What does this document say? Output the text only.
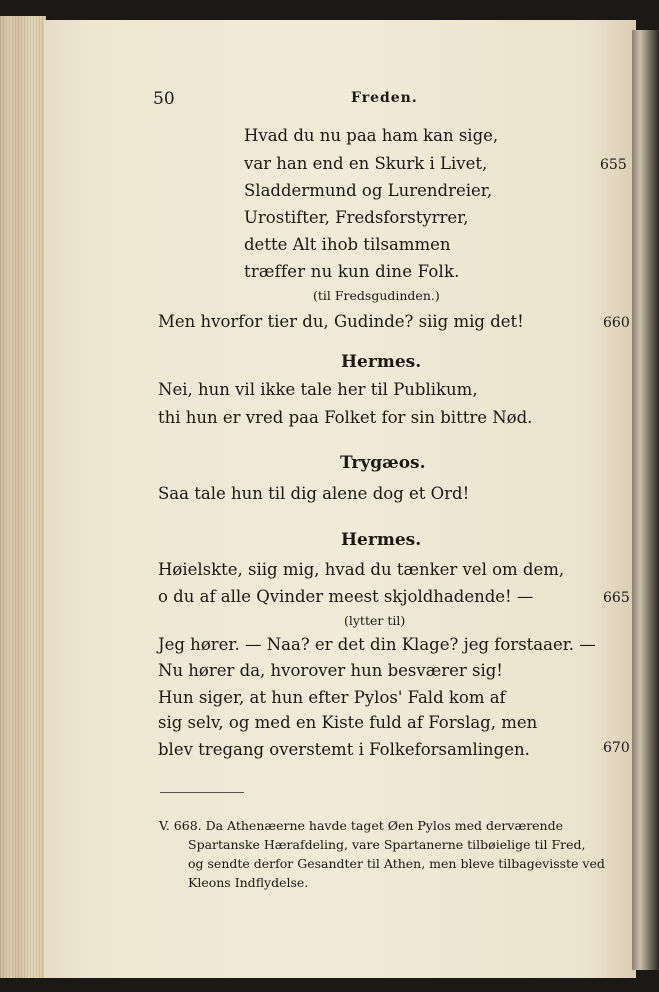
50	Freden.
Hvad du nu paa ham kan sige,
var han end en Skurk i Livet,	655
Sladdermund og Lurendreier,
Urostifter, Fredsforstyrrer,
dette Alt ihob tilsammen
træffer nu kun dine Folk.
(til Fredsgudinden.)
Men hvorfor tier du, Gudinde? siig mig det!	660
Hermes.
Nei, hun vil ikke tale her til Publikum,
thi hun er vred paa Folket for sin bittre Nød.
Trygæos.
Saa tale hun til dig alene dog et Ord!
Hermes.
Høielskte, siig mig, hvad du tænker vel om dem,
o du af alle Qvinder meest skjoldhadende! —	665
(lytter til)
Jeg hører. — Naa? er det din Klage? jeg forstaaer. —
Nu hører da, hvorover hun besværer sig!
Hun siger, at hun efter Pylos' Fald kom af
sig selv, og med en Kiste fuld af Forslag, men
blev tregang overstemt i Folkeforsamlingen.	670
V. 668. Da Athenæerne havde taget Øen Pylos med derværende
Spartanske Hærafdeling, vare Spartanerne tilbøielige til Fred,
og sendte derfor Gesandter til Athen, men bleve tilbagevisste ved
Kleons Indflydelse.
